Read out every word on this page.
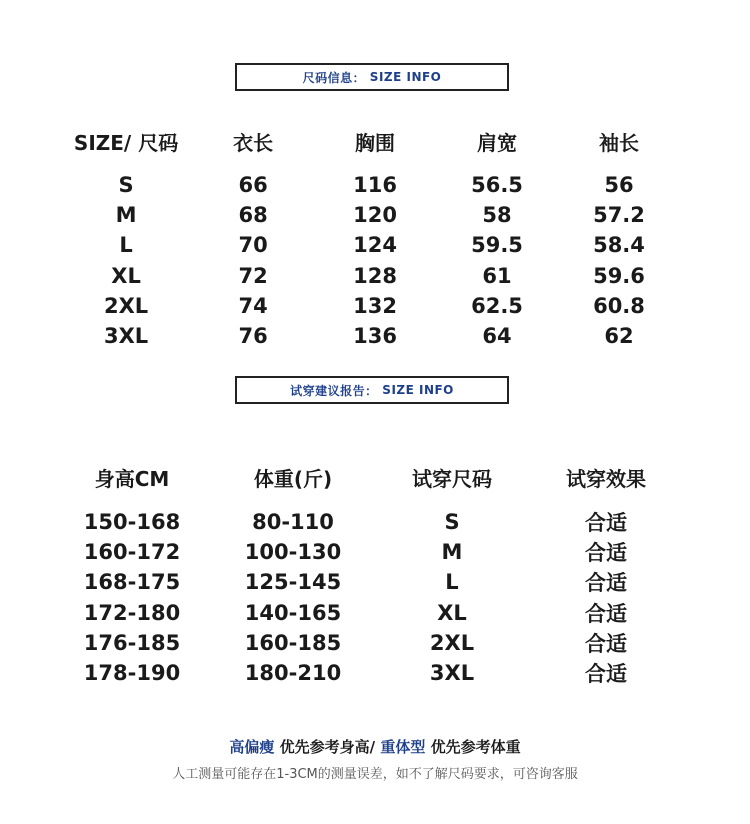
尺码信息：
SIZE INFO
SIZE/ 尺码	衣长	胸围	肩宽	袖长

S	66	116	56.5	56
M	68	120	58	57.2
L	70	124	59.5	58.4
XL	72	128	61	59.6
2XL	74	132	62.5	60.8
3XL	76	136	64	62
试穿建议报告：
SIZE INFO
身高CM	体重(斤)	试穿尺码	试穿效果

150-168	80-110	S	合适
160-172	100-130	M	合适
168-175	125-145	L	合适
172-180	140-165	XL	合适
176-185	160-185	2XL	合适
178-190	180-210	3XL	合适
高偏瘦 优先参考身高/ 重体型 优先参考体重
人工测量可能存在1-3CM的测量误差，如不了解尺码要求，可咨询客服
